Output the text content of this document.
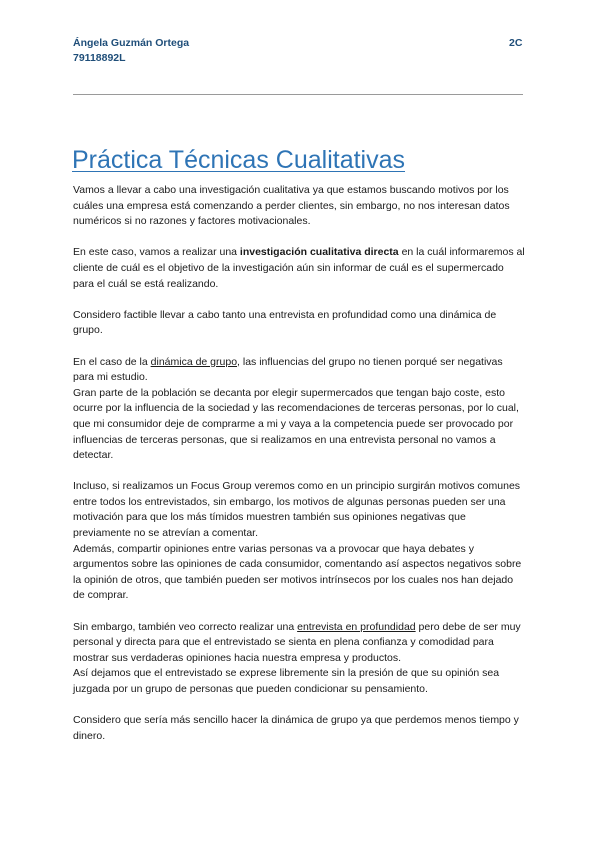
Ángela Guzmán Ortega
79118892L
2C
Práctica Técnicas Cualitativas

Vamos a llevar a cabo una investigación cualitativa ya que estamos buscando motivos por los cuáles una empresa está comenzando a perder clientes, sin embargo, no nos interesan datos numéricos si no razones y factores motivacionales.

En este caso, vamos a realizar una investigación cualitativa directa en la cuál informaremos al cliente de cuál es el objetivo de la investigación aún sin informar de cuál es el supermercado para el cuál se está realizando.

Considero factible llevar a cabo tanto una entrevista en profundidad como una dinámica de grupo.

En el caso de la dinámica de grupo, las influencias del grupo no tienen porqué ser negativas para mi estudio.
Gran parte de la población se decanta por elegir supermercados que tengan bajo coste, esto ocurre por la influencia de la sociedad y las recomendaciones de terceras personas, por lo cual, que mi consumidor deje de comprarme a mi y vaya a la competencia puede ser provocado por influencias de terceras personas, que si realizamos en una entrevista personal no vamos a detectar.

Incluso, si realizamos un Focus Group veremos como en un principio surgirán motivos comunes entre todos los entrevistados, sin embargo, los motivos de algunas personas pueden ser una motivación para que los más tímidos muestren también sus opiniones negativas que previamente no se atrevían a comentar.
Además, compartir opiniones entre varias personas va a provocar que haya debates y argumentos sobre las opiniones de cada consumidor, comentando así aspectos negativos sobre la opinión de otros, que también pueden ser motivos intrínsecos por los cuales nos han dejado de comprar.

Sin embargo, también veo correcto realizar una entrevista en profundidad pero debe de ser muy personal y directa para que el entrevistado se sienta en plena confianza y comodidad para mostrar sus verdaderas opiniones hacia nuestra empresa y productos.
Así dejamos que el entrevistado se exprese libremente sin la presión de que su opinión sea juzgada por un grupo de personas que pueden condicionar su pensamiento.

Considero que sería más sencillo hacer la dinámica de grupo ya que perdemos menos tiempo y dinero.
